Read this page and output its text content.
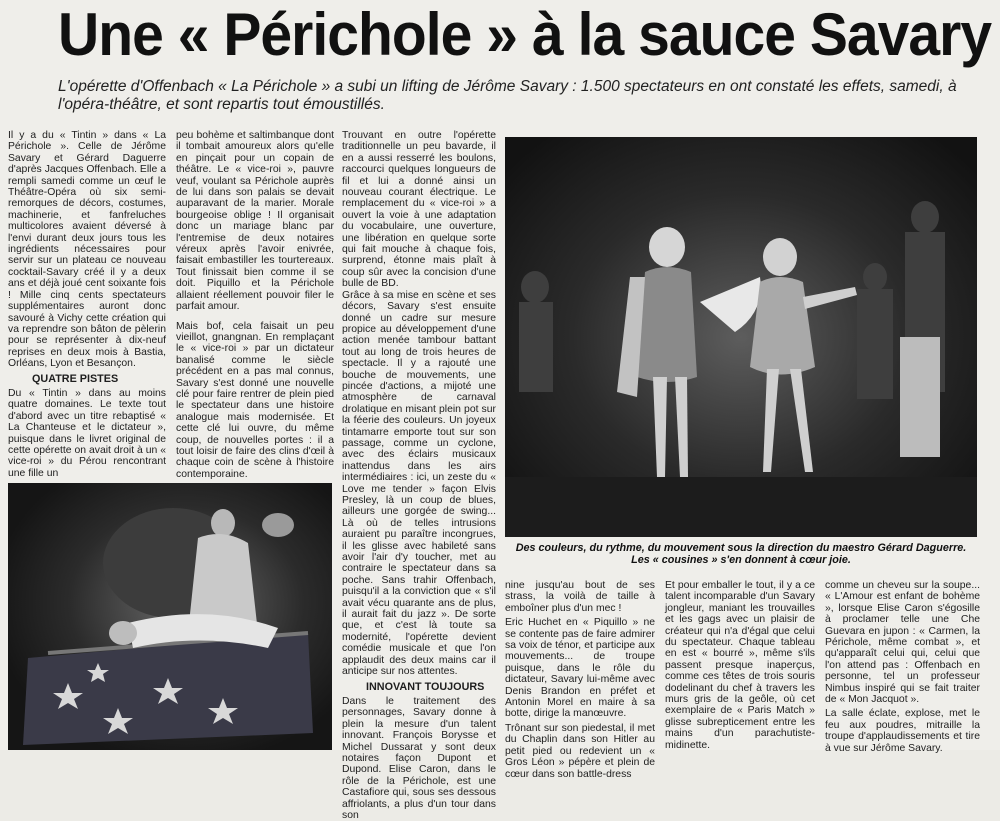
Une « Périchole » à la sauce Savary
L'opérette d'Offenbach « La Périchole » a subi un lifting de Jérôme Savary : 1.500 spectateurs en ont constaté les effets, samedi, à l'opéra-théâtre, et sont repartis tout émoustillés.

Il y a du « Tintin » dans « La Périchole ». Celle de Jérôme Savary et Gérard Daguerre d'après Jacques Offenbach. Elle a rempli samedi comme un œuf le Théâtre-Opéra où six semi-remorques de décors, costumes, machinerie, et fanfreluches multicolores avaient déversé à l'envi durant deux jours tous les ingrédients nécessaires pour servir sur un plateau ce nouveau cocktail-Savary créé il y a deux ans et déjà joué cent soixante fois ! Mille cinq cents spectateurs supplémentaires auront donc savouré à Vichy cette création qui va reprendre son bâton de pèlerin pour se représenter à dix-neuf reprises en deux mois à Bastia, Orléans, Lyon et Besançon.

QUATRE PISTES

Du « Tintin » dans au moins quatre domaines. Le texte tout d'abord avec un titre rebaptisé « La Chanteuse et le dictateur », puisque dans le livret original de cette opérette on avait droit à un « vice-roi » du Pérou rencontrant une fille un

peu bohème et saltimbanque dont il tombait amoureux alors qu'elle en pinçait pour un copain de théâtre. Le « vice-roi », pauvre veuf, voulant sa Périchole auprès de lui dans son palais se devait auparavant de la marier. Morale bourgeoise oblige ! Il organisait donc un mariage blanc par l'entremise de deux notaires véreux après l'avoir enivrée, faisait embastiller les tourtereaux. Tout finissait bien comme il se doit. Piquillo et la Périchole allaient réellement pouvoir filer le parfait amour.

Mais bof, cela faisait un peu vieillot, gnangnan. En remplaçant le « vice-roi » par un dictateur banalisé comme le siècle précédent en a pas mal connus, Savary s'est donné une nouvelle clé pour faire rentrer de plein pied le spectateur dans une histoire analogue mais modernisée. Et cette clé lui ouvre, du même coup, de nouvelles portes : il a tout loisir de faire des clins d'œil à chaque coin de scène à l'histoire contemporaine.

Trouvant en outre l'opérette traditionnelle un peu bavarde, il en a aussi resserré les boulons, raccourci quelques longueurs de fil et lui a donné ainsi un nouveau courant électrique. Le remplacement du « vice-roi » a ouvert la voie à une adaptation du vocabulaire, une ouverture, une libération en quelque sorte qui fait mouche à chaque fois, surprend, étonne mais plaît à coup sûr avec la concision d'une bulle de BD.

Grâce à sa mise en scène et ses décors, Savary s'est ensuite donné un cadre sur mesure propice au développement d'une action menée tambour battant tout au long de trois heures de spectacle. Il y a rajouté une bouche de mouvements, une pincée d'actions, a mijoté une atmosphère de carnaval drolatique en misant plein pot sur la féerie des couleurs. Un joyeux tintamarre emporte tout sur son passage, comme un cyclone, avec des éclairs musicaux inattendus dans les airs intermédiaires : ici, un zeste du « Love me tender » façon Elvis Presley, là un coup de blues, ailleurs une gorgée de swing... Là où de telles intrusions auraient pu paraître incongrues, il les glisse avec habileté sans avoir l'air d'y toucher, met au contraire le spectateur dans sa poche. Sans trahir Offenbach, puisqu'il a la conviction que « s'il avait vécu quarante ans de plus, il aurait fait du jazz ». De sorte que, et c'est là toute sa modernité, l'opérette devient comédie musicale et que l'on applaudit des deux mains car il anticipe sur nos attentes.

INNOVANT TOUJOURS

Dans le traitement des personnages, Savary donne à plein la mesure d'un talent innovant. François Borysse et Michel Dussarat y sont deux notaires façon Dupont et Dupond. Elise Caron, dans le rôle de la Périchole, est une Castafiore qui, sous ses dessous affriolants, a plus d'un tour dans son

Des couleurs, du rythme, du mouvement sous la direction du maestro Gérard Daguerre. Les « cousines » s'en donnent à cœur joie.

nine jusqu'au bout de ses strass, la voilà de taille à emboîner plus d'un mec !

Eric Huchet en « Piquillo » ne se contente pas de faire admirer sa voix de ténor, et participe aux mouvements... de troupe puisque, dans le rôle du dictateur, Savary lui-même avec Denis Brandon en préfet et Antonin Morel en maire à sa botte, dirige la manœuvre.

Trônant sur son piedestal, il met du Chaplin dans son Hitler au petit pied ou redevient un « Gros Léon » pépère et plein de cœur dans son battle-dress

Et pour emballer le tout, il y a ce talent incomparable d'un Savary jongleur, maniant les trouvailles et les gags avec un plaisir de créateur qui n'a d'égal que celui du spectateur. Chaque tableau en est « bourré », même s'ils passent presque inaperçus, comme ces têtes de trois souris dodelinant du chef à travers les murs gris de la geôle, où cet exemplaire de « Paris Match » glisse subrepticement entre les mains d'un parachutiste-midinette.

comme un cheveu sur la soupe... « L'Amour est enfant de bohème », lorsque Elise Caron s'égosille à proclamer telle une Che Guevara en jupon : « Carmen, la Périchole, même combat », et qu'apparaît celui qui, celui que l'on attend pas : Offenbach en personne, tel un professeur Nimbus inspiré qui se fait traiter de « Mon Jacquot ».

La salle éclate, explose, met le feu aux poudres, mitraille la troupe d'applaudissements et tire à vue sur Jérôme Savary.
